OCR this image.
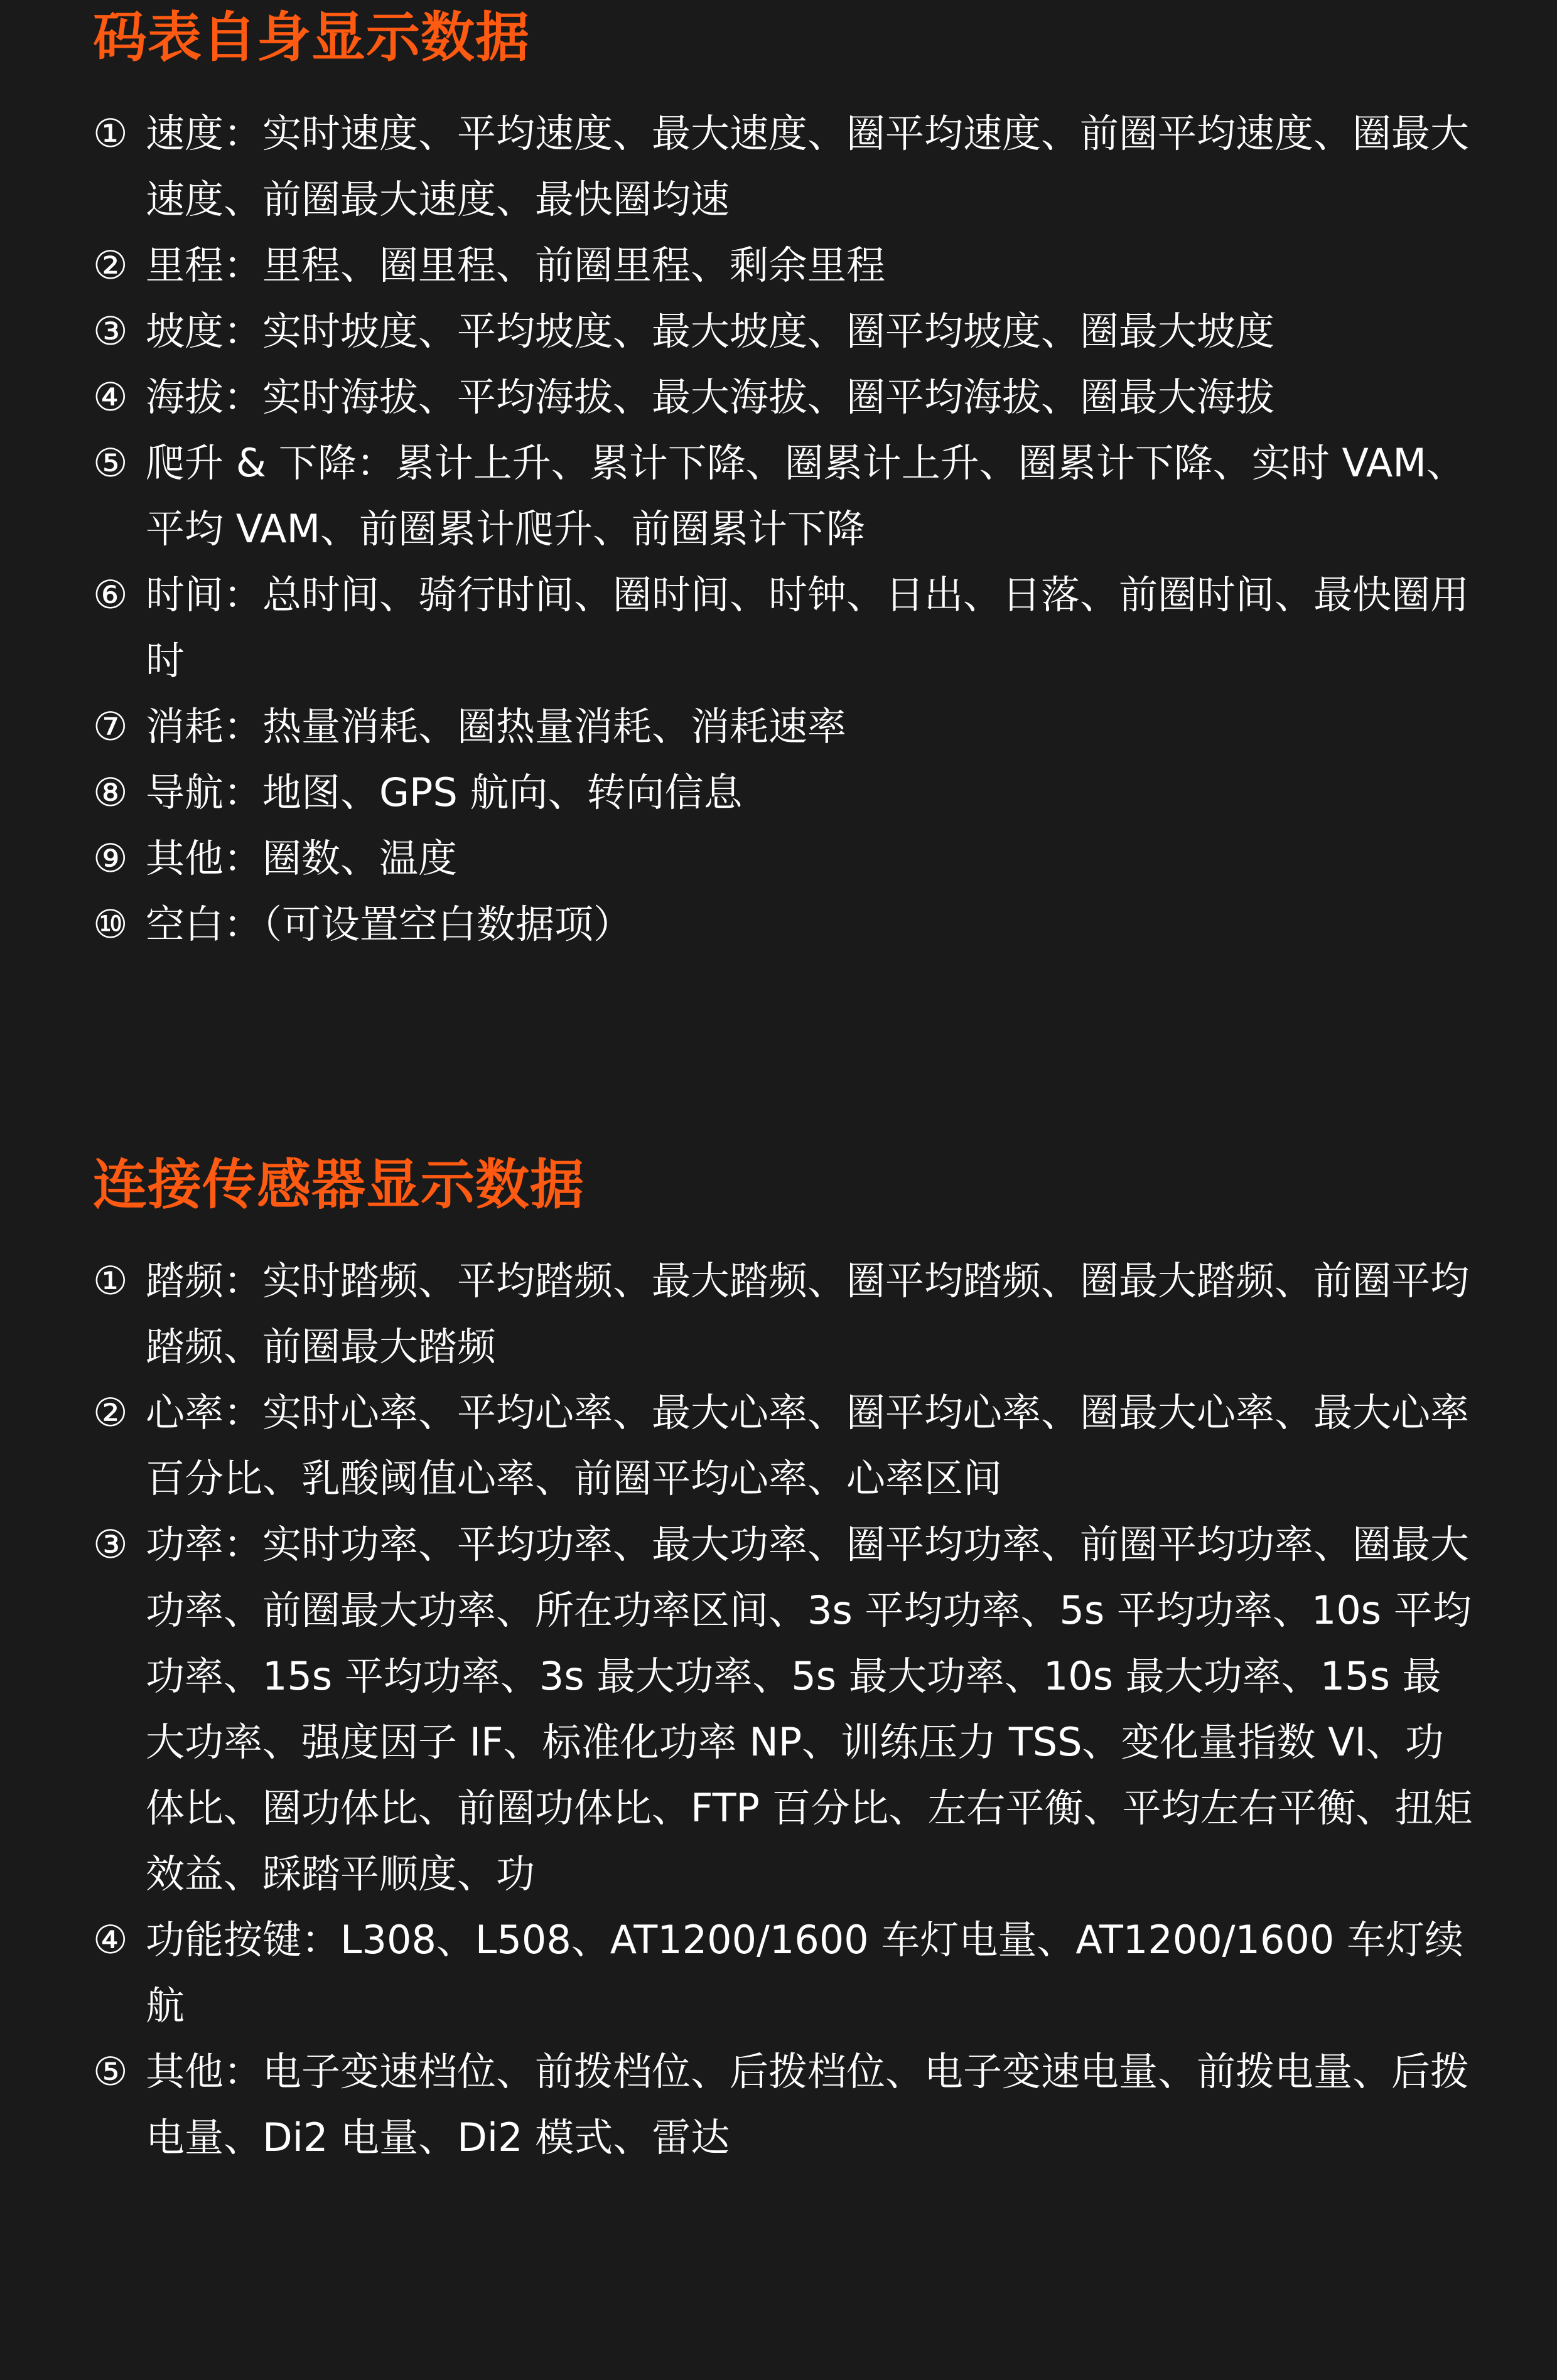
码表自身显示数据
① 速度：实时速度、平均速度、最大速度、圈平均速度、前圈平均速度、圈最大速度、前圈最大速度、最快圈均速
② 里程：里程、圈里程、前圈里程、剩余里程
③ 坡度：实时坡度、平均坡度、最大坡度、圈平均坡度、圈最大坡度
④ 海拔：实时海拔、平均海拔、最大海拔、圈平均海拔、圈最大海拔
⑤ 爬升 & 下降：累计上升、累计下降、圈累计上升、圈累计下降、实时 VAM、平均 VAM、前圈累计爬升、前圈累计下降
⑥ 时间：总时间、骑行时间、圈时间、时钟、日出、日落、前圈时间、最快圈用时
⑦ 消耗：热量消耗、圈热量消耗、消耗速率
⑧ 导航：地图、GPS 航向、转向信息
⑨ 其他：圈数、温度
⑩ 空白：（可设置空白数据项）
连接传感器显示数据
① 踏频：实时踏频、平均踏频、最大踏频、圈平均踏频、圈最大踏频、前圈平均踏频、前圈最大踏频
② 心率：实时心率、平均心率、最大心率、圈平均心率、圈最大心率、最大心率百分比、乳酸阈值心率、前圈平均心率、心率区间
③ 功率：实时功率、平均功率、最大功率、圈平均功率、前圈平均功率、圈最大功率、前圈最大功率、所在功率区间、3s 平均功率、5s 平均功率、10s 平均功率、15s 平均功率、3s 最大功率、5s 最大功率、10s 最大功率、15s 最大功率、强度因子 IF、标准化功率 NP、训练压力 TSS、变化量指数 VI、功体比、圈功体比、前圈功体比、FTP 百分比、左右平衡、平均左右平衡、扭矩效益、踩踏平顺度、功
④ 功能按键：L308、L508、AT1200/1600 车灯电量、AT1200/1600 车灯续航
⑤ 其他：电子变速档位、前拨档位、后拨档位、电子变速电量、前拨电量、后拨电量、Di2 电量、Di2 模式、雷达
